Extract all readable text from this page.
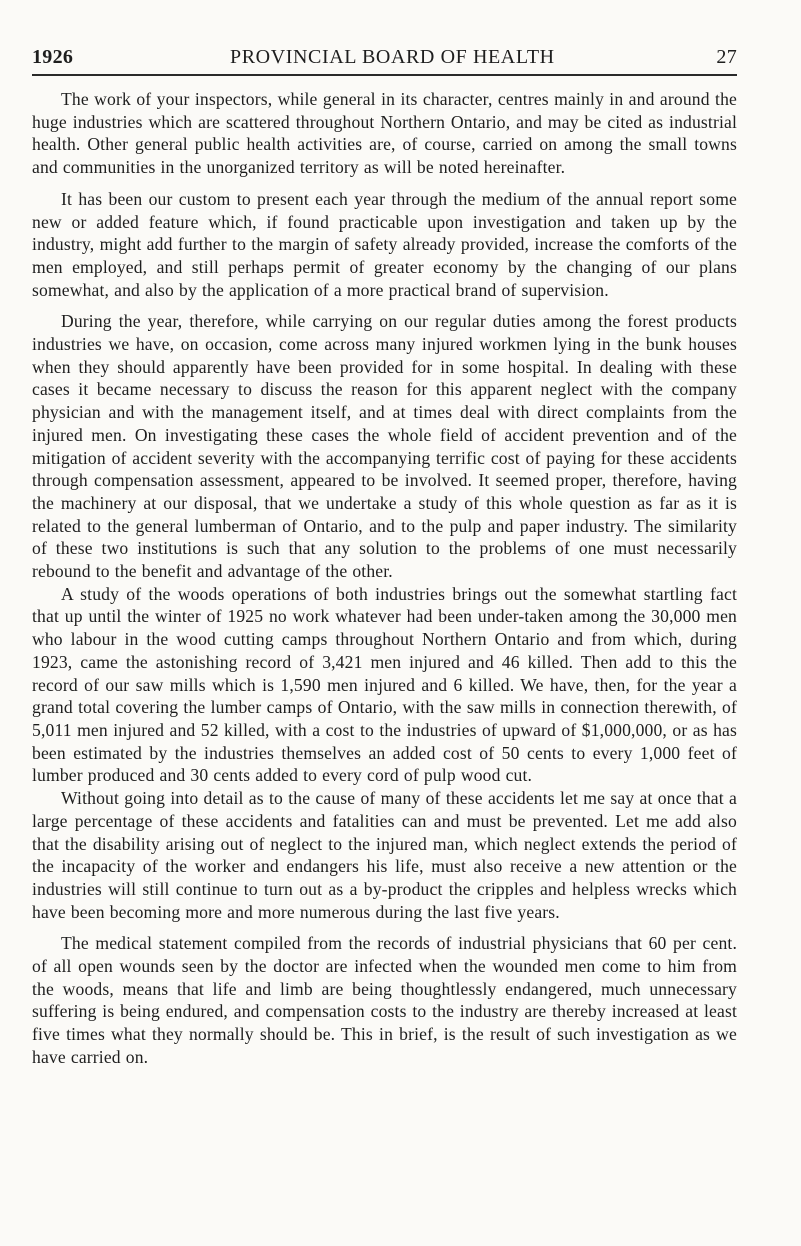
1926	PROVINCIAL BOARD OF HEALTH	27

The work of your inspectors, while general in its character, centres mainly in and around the huge industries which are scattered throughout Northern Ontario, and may be cited as industrial health. Other general public health activities are, of course, carried on among the small towns and communities in the unorganized territory as will be noted hereinafter.

It has been our custom to present each year through the medium of the annual report some new or added feature which, if found practicable upon investigation and taken up by the industry, might add further to the margin of safety already provided, increase the comforts of the men employed, and still perhaps permit of greater economy by the changing of our plans somewhat, and also by the application of a more practical brand of supervision.

During the year, therefore, while carrying on our regular duties among the forest products industries we have, on occasion, come across many injured workmen lying in the bunk houses when they should apparently have been provided for in some hospital. In dealing with these cases it became necessary to discuss the reason for this apparent neglect with the company physician and with the management itself, and at times deal with direct complaints from the injured men. On investigating these cases the whole field of accident prevention and of the mitigation of accident severity with the accompanying terrific cost of paying for these accidents through compensation assessment, appeared to be involved. It seemed proper, therefore, having the machinery at our disposal, that we undertake a study of this whole question as far as it is related to the general lumberman of Ontario, and to the pulp and paper industry. The similarity of these two institutions is such that any solution to the problems of one must necessarily rebound to the benefit and advantage of the other.

A study of the woods operations of both industries brings out the somewhat startling fact that up until the winter of 1925 no work whatever had been under-taken among the 30,000 men who labour in the wood cutting camps throughout Northern Ontario and from which, during 1923, came the astonishing record of 3,421 men injured and 46 killed. Then add to this the record of our saw mills which is 1,590 men injured and 6 killed. We have, then, for the year a grand total covering the lumber camps of Ontario, with the saw mills in connection therewith, of 5,011 men injured and 52 killed, with a cost to the industries of upward of $1,000,000, or as has been estimated by the industries themselves an added cost of 50 cents to every 1,000 feet of lumber produced and 30 cents added to every cord of pulp wood cut.

Without going into detail as to the cause of many of these accidents let me say at once that a large percentage of these accidents and fatalities can and must be prevented. Let me add also that the disability arising out of neglect to the injured man, which neglect extends the period of the incapacity of the worker and endangers his life, must also receive a new attention or the industries will still continue to turn out as a by-product the cripples and helpless wrecks which have been becoming more and more numerous during the last five years.

The medical statement compiled from the records of industrial physicians that 60 per cent. of all open wounds seen by the doctor are infected when the wounded men come to him from the woods, means that life and limb are being thoughtlessly endangered, much unnecessary suffering is being endured, and compensation costs to the industry are thereby increased at least five times what they normally should be. This in brief, is the result of such investigation as we have carried on.
